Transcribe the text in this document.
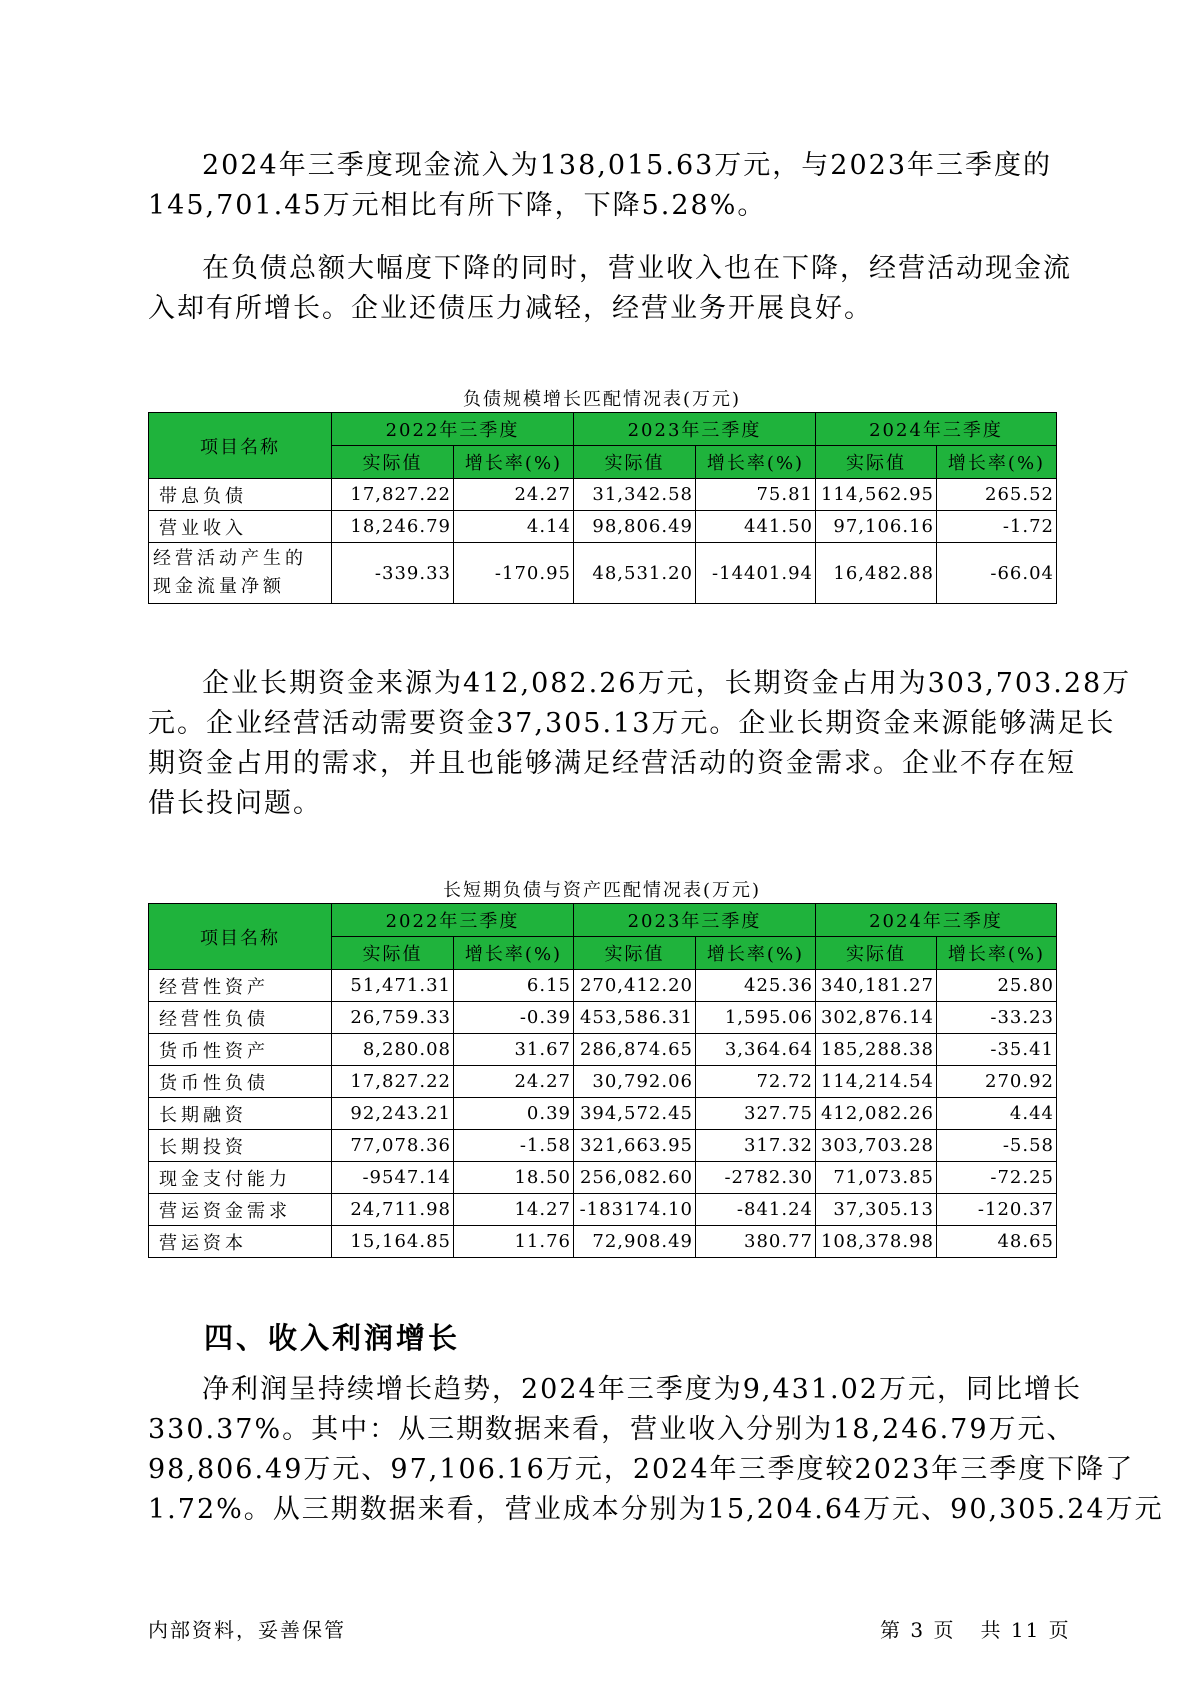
2024年三季度现金流入为138,015.63万元，与2023年三季度的
145,701.45万元相比有所下降，下降5.28%。

在负债总额大幅度下降的同时，营业收入也在下降，经营活动现金流
入却有所增长。企业还债压力减轻，经营业务开展良好。

负债规模增长匹配情况表(万元)
项目名称	2022年三季度		2023年三季度		2024年三季度	
	实际值	增长率(%)	实际值	增长率(%)	实际值	增长率(%)
带息负债	17,827.22	24.27	31,342.58	75.81	114,562.95	265.52
营业收入	18,246.79	4.14	98,806.49	441.50	97,106.16	-1.72
经营活动产生的现金流量净额	-339.33	-170.95	48,531.20	-14401.94	16,482.88	-66.04

企业长期资金来源为412,082.26万元，长期资金占用为303,703.28万
元。企业经营活动需要资金37,305.13万元。企业长期资金来源能够满足长
期资金占用的需求，并且也能够满足经营活动的资金需求。企业不存在短
借长投问题。

长短期负债与资产匹配情况表(万元)
项目名称	2022年三季度		2023年三季度		2024年三季度	
	实际值	增长率(%)	实际值	增长率(%)	实际值	增长率(%)
经营性资产	51,471.31	6.15	270,412.20	425.36	340,181.27	25.80
经营性负债	26,759.33	-0.39	453,586.31	1,595.06	302,876.14	-33.23
货币性资产	8,280.08	31.67	286,874.65	3,364.64	185,288.38	-35.41
货币性负债	17,827.22	24.27	30,792.06	72.72	114,214.54	270.92
长期融资	92,243.21	0.39	394,572.45	327.75	412,082.26	4.44
长期投资	77,078.36	-1.58	321,663.95	317.32	303,703.28	-5.58
现金支付能力	-9547.14	18.50	256,082.60	-2782.30	71,073.85	-72.25
营运资金需求	24,711.98	14.27	-183174.10	-841.24	37,305.13	-120.37
营运资本	15,164.85	11.76	72,908.49	380.77	108,378.98	48.65
四、收入利润增长

净利润呈持续增长趋势，2024年三季度为9,431.02万元，同比增长
330.37%。其中：从三期数据来看，营业收入分别为18,246.79万元、
98,806.49万元、97,106.16万元，2024年三季度较2023年三季度下降了
1.72%。从三期数据来看，营业成本分别为15,204.64万元、90,305.24万元

内部资料，妥善保管	第 3 页   共 11 页
